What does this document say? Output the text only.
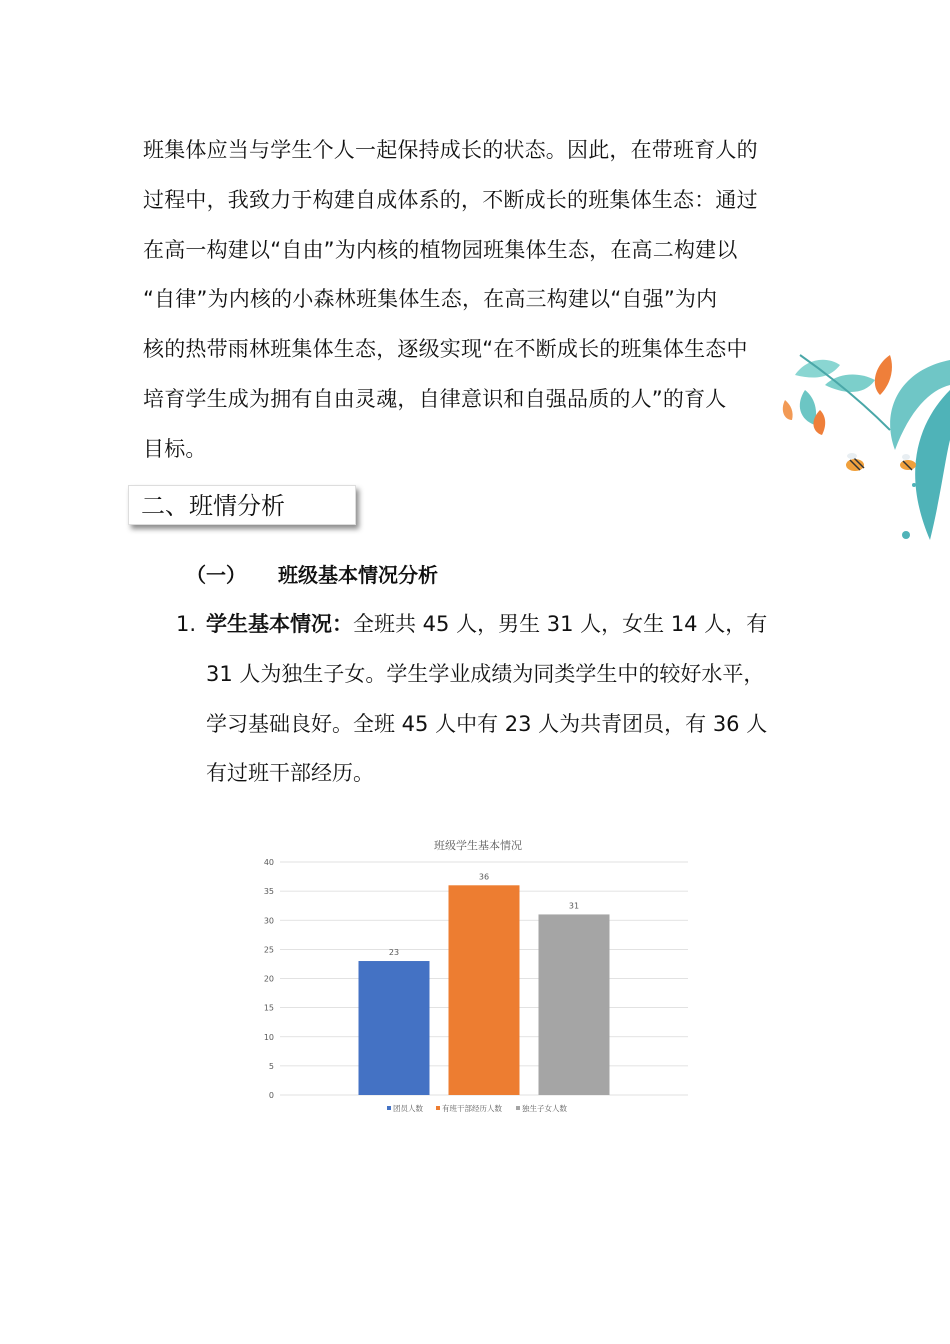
班集体应当与学生个人一起保持成长的状态。因此，在带班育人的
过程中，我致力于构建自成体系的，不断成长的班集体生态：通过
在高一构建以“自由”为内核的植物园班集体生态，在高二构建以
“自律”为内核的小森林班集体生态，在高三构建以“自强”为内
核的热带雨林班集体生态，逐级实现“在不断成长的班集体生态中
培育学生成为拥有自由灵魂，自律意识和自强品质的人”的育人
目标。
二、班情分析
（一） 班级基本情况分析
1. 学生基本情况：全班共 45 人，男生 31 人，女生 14 人，有
31 人为独生子女。学生学业成绩为同类学生中的较好水平，
学习基础良好。全班 45 人中有 23 人为共青团员，有 36 人
有过班干部经历。
班级学生基本情况
0
5
10
15
20
25
30
35
40
23
36
31
团员人数	有班干部经历人数	独生子女人数
